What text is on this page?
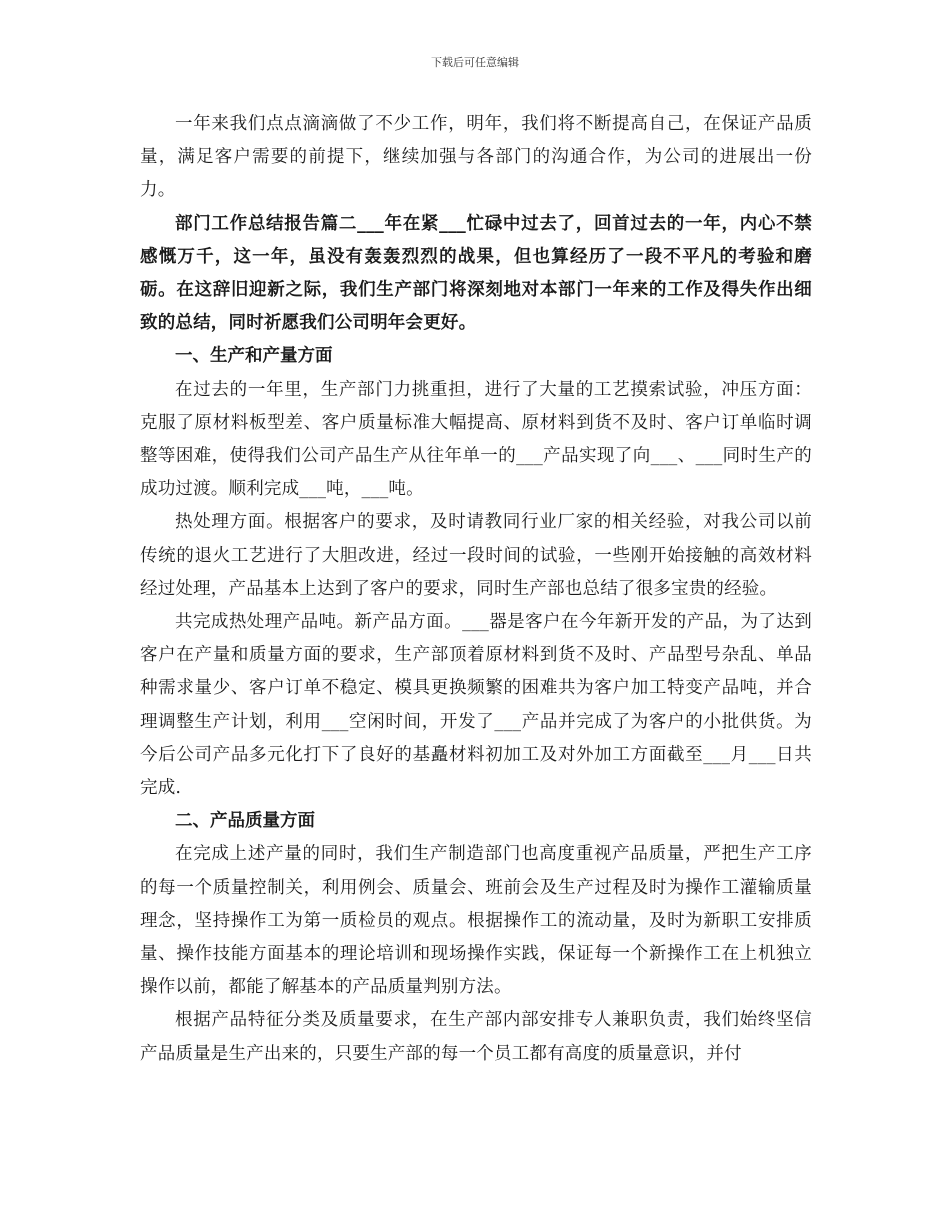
下载后可任意编辑

一年来我们点点滴滴做了不少工作，明年，我们将不断提高自己，在保证产品质量，满足客户需要的前提下，继续加强与各部门的沟通合作，为公司的进展出一份力。

部门工作总结报告篇二___年在紧___忙碌中过去了，回首过去的一年，内心不禁感慨万千，这一年，虽没有轰轰烈烈的战果，但也算经历了一段不平凡的考验和磨砺。在这辞旧迎新之际，我们生产部门将深刻地对本部门一年来的工作及得失作出细致的总结，同时祈愿我们公司明年会更好。

一、生产和产量方面

在过去的一年里，生产部门力挑重担，进行了大量的工艺摸索试验，冲压方面：克服了原材料板型差、客户质量标准大幅提高、原材料到货不及时、客户订单临时调整等困难，使得我们公司产品生产从往年单一的___产品实现了向___、___同时生产的成功过渡。顺利完成___吨，___吨。

热处理方面。根据客户的要求，及时请教同行业厂家的相关经验，对我公司以前传统的退火工艺进行了大胆改进，经过一段时间的试验，一些刚开始接触的高效材料经过处理，产品基本上达到了客户的要求，同时生产部也总结了很多宝贵的经验。

共完成热处理产品吨。新产品方面。___器是客户在今年新开发的产品，为了达到客户在产量和质量方面的要求，生产部顶着原材料到货不及时、产品型号杂乱、单品种需求量少、客户订单不稳定、模具更换频繁的困难共为客户加工特变产品吨，并合理调整生产计划，利用___空闲时间，开发了___产品并完成了为客户的小批供货。为今后公司产品多元化打下了良好的基矗材料初加工及对外加工方面截至___月___日共完成.

二、产品质量方面

在完成上述产量的同时，我们生产制造部门也高度重视产品质量，严把生产工序的每一个质量控制关，利用例会、质量会、班前会及生产过程及时为操作工灌输质量理念，坚持操作工为第一质检员的观点。根据操作工的流动量，及时为新职工安排质量、操作技能方面基本的理论培训和现场操作实践，保证每一个新操作工在上机独立操作以前，都能了解基本的产品质量判别方法。

根据产品特征分类及质量要求，在生产部内部安排专人兼职负责，我们始终坚信产品质量是生产出来的，只要生产部的每一个员工都有高度的质量意识，并付
